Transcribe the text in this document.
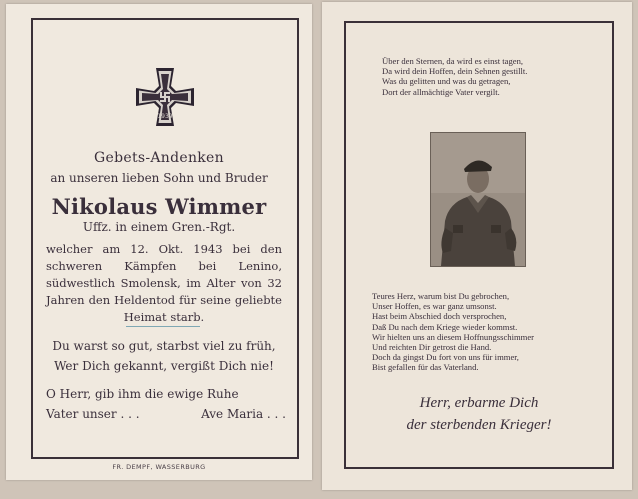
1939
Gebets-Andenken
an unseren lieben Sohn und Bruder
Nikolaus Wimmer
Uffz. in einem Gren.-Rgt.
welcher am 12. Okt. 1943 bei den schweren Kämpfen bei Lenino, südwestlich Smolensk, im Alter von 32 Jahren den Heldentod für seine geliebte Heimat starb.
Du warst so gut, starbst viel zu früh,
Wer Dich gekannt, vergißt Dich nie!
O Herr, gib ihm die ewige Ruhe
Vater unser . . .	Ave Maria . . .
FR. DEMPF, WASSERBURG
Über den Sternen, da wird es einst tagen,
Da wird dein Hoffen, dein Sehnen gestillt.
Was du gelitten und was du getragen,
Dort der allmächtige Vater vergilt.
Teures Herz, warum bist Du gebrochen,
Unser Hoffen, es war ganz umsonst.
Hast beim Abschied doch versprochen,
Daß Du nach dem Kriege wieder kommst.
Wir hielten uns an diesem Hoffnungsschimmer
Und reichten Dir getrost die Hand.
Doch da gingst Du fort von uns für immer,
Bist gefallen für das Vaterland.
Herr, erbarme Dich
der sterbenden Krieger!
